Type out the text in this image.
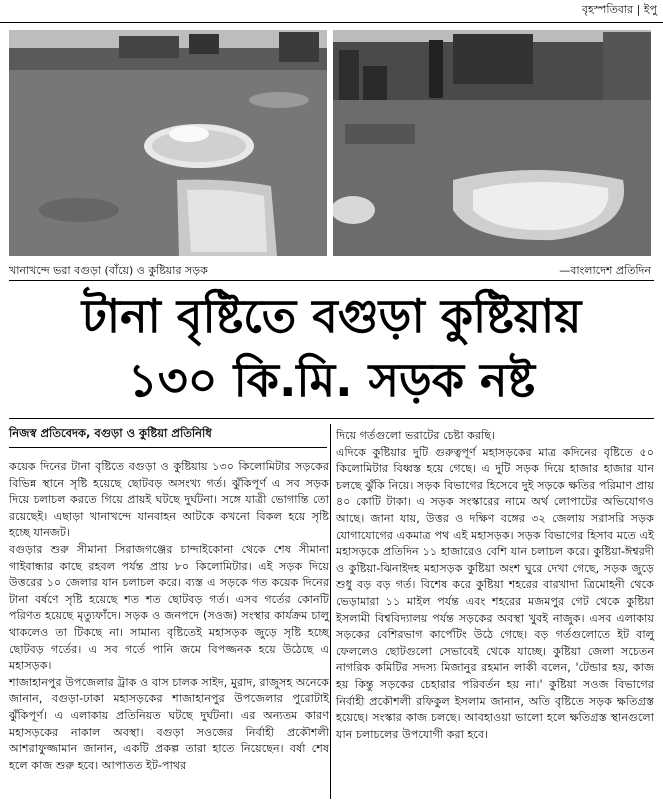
বৃহস্পতিবার | ইপু
খানাখন্দে ভরা বগুড়া (বাঁয়ে) ও কুষ্টিয়ার সড়ক	—বাংলাদেশ প্রতিদিন
টানা বৃষ্টিতে বগুড়া কুষ্টিয়ায়
১৩০ কি.মি. সড়ক নষ্ট
নিজস্ব প্রতিবেদক, বগুড়া ও কুষ্টিয়া প্রতিনিধি

কয়েক দিনের টানা বৃষ্টিতে বগুড়া ও কুষ্টিয়ায় ১৩০ কিলোমিটার সড়কের বিভিন্ন স্থানে সৃষ্টি হয়েছে ছোটবড় অসংখ্য গর্ত। ঝুঁকিপূর্ণ এ সব সড়ক দিয়ে চলাচল করতে গিয়ে প্রায়ই ঘটছে দুর্ঘটনা। সঙ্গে যাত্রী ভোগান্তি তো রয়েছেই। এছাড়া খানাখন্দে যানবাহন আটকে কখনো বিকল হয়ে সৃষ্টি হচ্ছে যানজট।

বগুড়ার শুরু সীমানা সিরাজগঞ্জের চান্দাইকোনা থেকে শেষ সীমানা গাইবান্ধার কাছে রহবল পর্যন্ত প্রায় ৮০ কিলোমিটার। এই সড়ক দিয়ে উত্তরের ১০ জেলার যান চলাচল করে। ব্যস্ত এ সড়কে গত কয়েক দিনের টানা বর্ষণে সৃষ্টি হয়েছে শত শত ছোটবড় গর্ত। এসব গর্তের কোনটি পরিণত হয়েছে মৃত্যুফাঁদে। সড়ক ও জনপদে (সওজ) সংস্থার কার্যক্রম চালু থাকলেও তা টিকছে না। সামান্য বৃষ্টিতেই মহাসড়ক জুড়ে সৃষ্টি হচ্ছে ছোটবড় গর্তের। এ সব গর্তে পানি জমে বিপজ্জনক হয়ে উঠেছে এ মহাসড়ক।

শাজাহানপুর উপজেলার ট্রাক ও বাস চালক সাইদ, মুরাদ, রাজুসহ অনেকে জানান, বগুড়া-ঢাকা মহাসড়কের শাজাহানপুর উপজেলার পুরোটাই ঝুঁকিপূর্ণ। এ এলাকায় প্রতিনিয়ত ঘটছে দুর্ঘটনা। এর অন্যতম কারণ মহাসড়কের নাকাল অবস্থা। বগুড়া সওজের নির্বাহী প্রকৌশলী আশরাফুজ্জামান জানান, একটি প্রকল্প তারা হাতে নিয়েছেন। বর্ষা শেষ হলে কাজ শুরু হবে। আপাতত ইট-পাথর

দিয়ে গর্তগুলো ভরাটের চেষ্টা করছি।

এদিকে কুষ্টিয়ার দুটি গুরুত্বপূর্ণ মহাসড়কের মাত্র কদিনের বৃষ্টিতে ৫০ কিলোমিটার বিধ্বস্ত হয়ে গেছে। এ দুটি সড়ক দিয়ে হাজার হাজার যান চলছে ঝুঁকি নিয়ে। সড়ক বিভাগের হিসেবে দুই সড়কে ক্ষতির পরিমাণ প্রায় ৪০ কোটি টাকা। এ সড়ক সংস্কারের নামে অর্থ লোপাটের অভিযোগও আছে। জানা যায়, উত্তর ও দক্ষিণ বঙ্গের ৩২ জেলায় সরাসরি সড়ক যোগাযোগের একমাত্র পথ এই মহাসড়ক। সড়ক বিভাগের হিসাব মতে এই মহাসড়কে প্রতিদিন ১১ হাজারেও বেশি যান চলাচল করে। কুষ্টিয়া-ঈশ্বরদী ও কুষ্টিয়া-ঝিনাইদহ মহাসড়ক কুষ্টিয়া অংশ ঘুরে দেখা গেছে, সড়ক জুড়ে শুধু বড় বড় গর্ত। বিশেষ করে কুষ্টিয়া শহরের বারখাদা ত্রিমোহনী থেকে ভেড়ামারা ১১ মাইল পর্যন্ত এবং শহরের মজমপুর গেট থেকে কুষ্টিয়া ইসলামী বিশ্ববিদ্যালয় পর্যন্ত সড়কের অবস্থা খুবই নাজুক। এসব এলাকায় সড়কের বেশিরভাগ কার্পেটিং উঠে গেছে। বড় গর্তগুলোতে ইট বালু ফেললেও ছোটগুলো সেভাবেই থেকে যাচ্ছে। কুষ্টিয়া জেলা সচেতন নাগরিক কমিটির সদস্য মিজানুর রহমান লাকী বলেন, 'টেন্ডার হয়, কাজ হয় কিন্তু সড়কের চেহারার পরিবর্তন হয় না।' কুষ্টিয়া সওজ বিভাগের নির্বাহী প্রকৌশলী রফিকুল ইসলাম জানান, অতি বৃষ্টিতে সড়ক ক্ষতিগ্রস্ত হয়েছে। সংস্কার কাজ চলছে। আবহাওয়া ভালো হলে ক্ষতিগ্রস্ত স্থানগুলো যান চলাচলের উপযোগী করা হবে।
